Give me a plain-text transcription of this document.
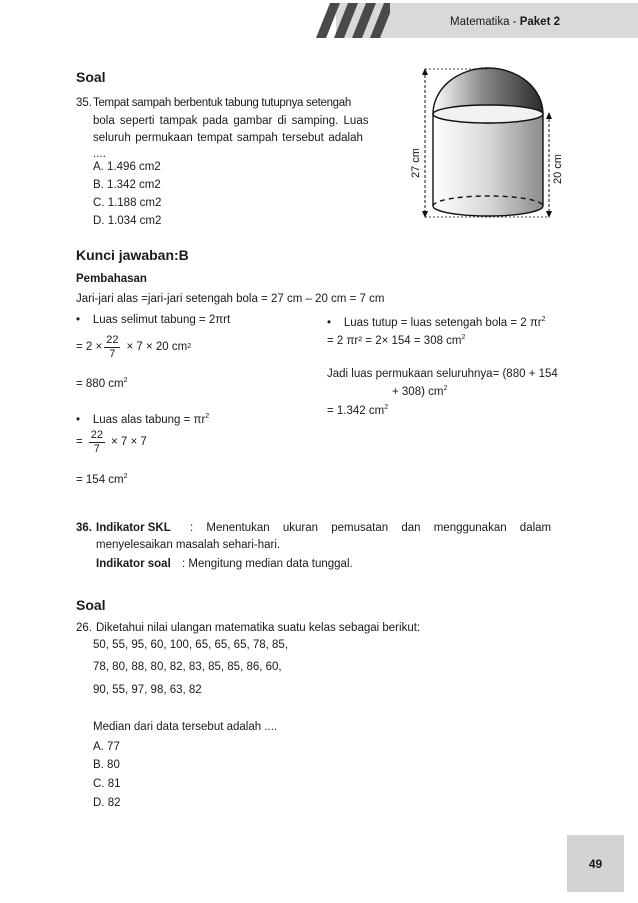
Matematika - Paket 2
Soal
35. Tempat sampah berbentuk tabung tutupnya setengah
bola seperti tampak pada gambar di samping. Luas
seluruh permukaan tempat sampah tersebut adalah
....
A. 1.496 cm2
B. 1.342 cm2
C. 1.188 cm2
D. 1.034 cm2
27 cm	20 cm
Kunci jawaban:B
Pembahasan
Jari-jari alas =jari-jari setengah bola = 27 cm – 20 cm = 7 cm
• Luas selimut tabung = 2πrt
= $2 \times \frac{22}{7} \times 7 \times 20$ cm 2
= 880 $cm^2$
• Luas alas tabung = $\pi r^2$
= $\frac{22}{7} \times 7 \times 7$
= 154 $cm^2$
• Luas tutup = luas setengah bola = 2 $\pi r^2$
= 2 πr² = 2× 154 = 308 $cm^2$
Jadi luas permukaan seluruhnya= (880 + 154
+ 308) $cm^2$
= 1.342 $cm^2$
36. Indikator SKL : Menentukan ukuran pemusatan dan menggunakan dalam
menyelesaikan masalah sehari-hari.
Indikator soal : Mengitung median data tunggal.
Soal
26. Diketahui nilai ulangan matematika suatu kelas sebagai berikut:
50, 55, 95, 60, 100, 65, 65, 65, 78, 85,
78, 80, 88, 80, 82, 83, 85, 85, 86, 60,
90, 55, 97, 98, 63, 82
Median dari data tersebut adalah ....
A. 77
B. 80
C. 81
D. 82
49
